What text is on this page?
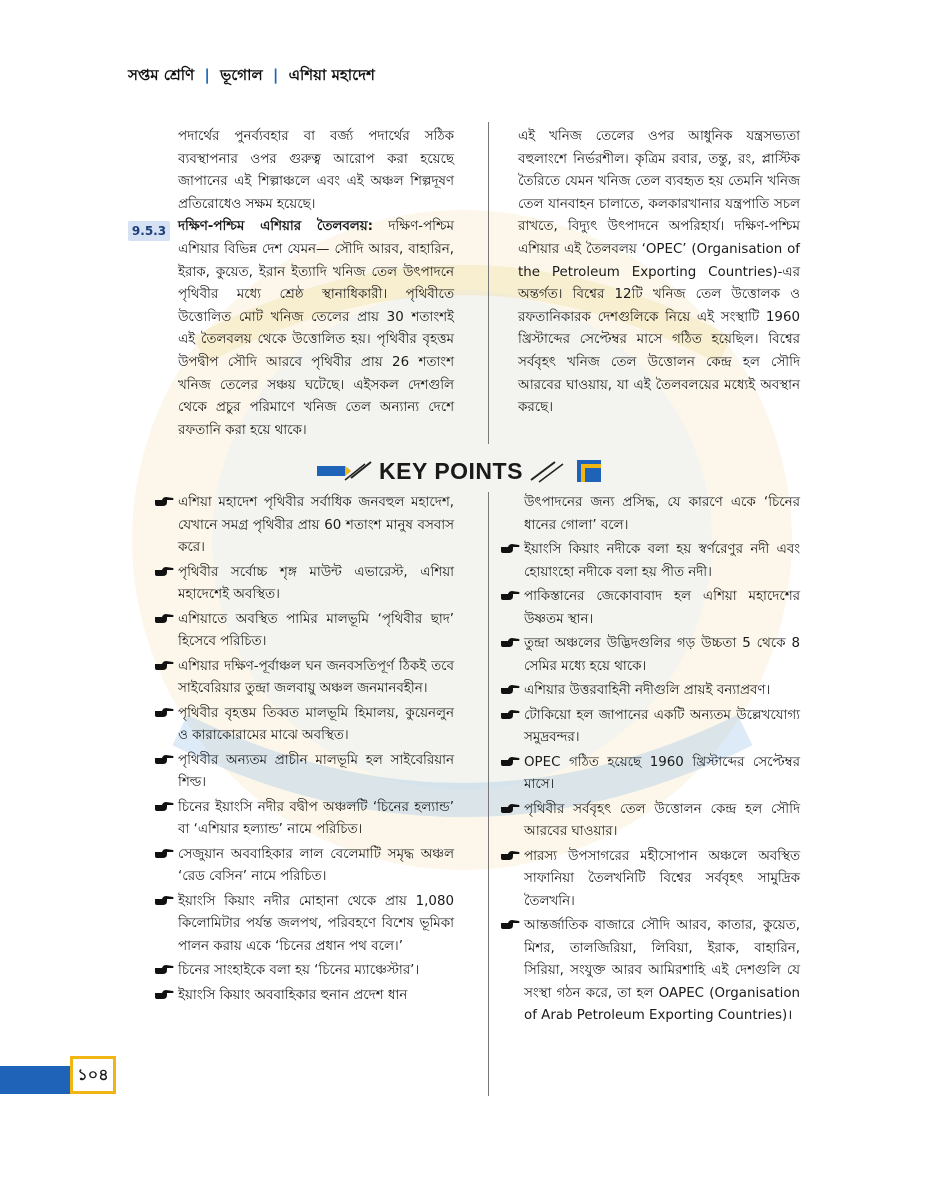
সপ্তম শ্রেণি | ভূগোল | এশিয়া মহাদেশ

পদার্থের পুনর্ব্যবহার বা বর্জ্য পদার্থের সঠিক ব্যবস্থাপনার ওপর গুরুত্ব আরোপ করা হয়েছে জাপানের এই শিল্পাঞ্চলে এবং এই অঞ্চল শিল্পদূষণ প্রতিরোধেও সক্ষম হয়েছে।

দক্ষিণ-পশ্চিম এশিয়ার তৈলবলয়: দক্ষিণ-পশ্চিম এশিয়ার বিভিন্ন দেশ যেমন— সৌদি আরব, বাহারিন, ইরাক, কুয়েত, ইরান ইত্যাদি খনিজ তেল উৎপাদনে পৃথিবীর মধ্যে শ্রেষ্ঠ স্থানাধিকারী। পৃথিবীতে উত্তোলিত মোট খনিজ তেলের প্রায় 30 শতাংশই এই তৈলবলয় থেকে উত্তোলিত হয়। পৃথিবীর বৃহত্তম উপদ্বীপ সৌদি আরবে পৃথিবীর প্রায় 26 শতাংশ খনিজ তেলের সঞ্চয় ঘটেছে। এইসকল দেশগুলি থেকে প্রচুর পরিমাণে খনিজ তেল অন্যান্য দেশে রফতানি করা হয়ে থাকে।

9.5.3

এই খনিজ তেলের ওপর আধুনিক যন্ত্রসভ্যতা বহুলাংশে নির্ভরশীল। কৃত্রিম রবার, তন্তু, রং, প্লাস্টিক তৈরিতে যেমন খনিজ তেল ব্যবহৃত হয় তেমনি খনিজ তেল যানবাহন চালাতে, কলকারখানার যন্ত্রপাতি সচল রাখতে, বিদ্যুৎ উৎপাদনে অপরিহার্য। দক্ষিণ-পশ্চিম এশিয়ার এই তৈলবলয় ‘OPEC’ (Organisation of the Petroleum Exporting Countries)-এর অন্তর্গত। বিশ্বের 12টি খনিজ তেল উত্তোলক ও রফতানিকারক দেশগুলিকে নিয়ে এই সংস্থাটি 1960 খ্রিস্টাব্দের সেপ্টেম্বর মাসে গঠিত হয়েছিল। বিশ্বের সর্ববৃহৎ খনিজ তেল উত্তোলন কেন্দ্র হল সৌদি আরবের ঘাওয়ায়, যা এই তৈলবলয়ের মধ্যেই অবস্থান করছে।

KEY POINTS
এশিয়া মহাদেশ পৃথিবীর সর্বাধিক জনবহুল মহাদেশ, যেখানে সমগ্র পৃথিবীর প্রায় 60 শতাংশ মানুষ বসবাস করে।
পৃথিবীর সর্বোচ্চ শৃঙ্গ মাউন্ট এভারেস্ট, এশিয়া মহাদেশেই অবস্থিত।
এশিয়াতে অবস্থিত পামির মালভূমি ‘পৃথিবীর ছাদ’ হিসেবে পরিচিত।
এশিয়ার দক্ষিণ-পূর্বাঞ্চল ঘন জনবসতিপূর্ণ ঠিকই তবে সাইবেরিয়ার তুন্দ্রা জলবায়ু অঞ্চল জনমানবহীন।
পৃথিবীর বৃহত্তম তিব্বত মালভূমি হিমালয়, কুয়েনলুন ও কারাকোরামের মাঝে অবস্থিত।
পৃথিবীর অন্যতম প্রাচীন মালভূমি হল সাইবেরিয়ান শিল্ড।
চিনের ইয়াংসি নদীর বদ্বীপ অঞ্চলটি ‘চিনের হল্যান্ড’ বা ‘এশিয়ার হল্যান্ড’ নামে পরিচিত।
সেজুয়ান অববাহিকার লাল বেলেমাটি সমৃদ্ধ অঞ্চল ‘রেড বেসিন’ নামে পরিচিত।
ইয়াংসি কিয়াং নদীর মোহানা থেকে প্রায় 1,080 কিলোমিটার পর্যন্ত জলপথ, পরিবহণে বিশেষ ভূমিকা পালন করায় একে ‘চিনের প্রধান পথ বলে।’
চিনের সাংহাইকে বলা হয় ‘চিনের ম্যাঞ্চেস্টার’।
ইয়াংসি কিয়াং অববাহিকার হুনান প্রদেশ ধান

উৎপাদনের জন্য প্রসিদ্ধ, যে কারণে একে ‘চিনের ধানের গোলা’ বলে।

ইয়াংসি কিয়াং নদীকে বলা হয় স্বর্ণরেণুর নদী এবং হোয়াংহো নদীকে বলা হয় পীত নদী।
পাকিস্তানের জেকোবাবাদ হল এশিয়া মহাদেশের উষ্ণতম স্থান।
তুন্দ্রা অঞ্চলের উদ্ভিদগুলির গড় উচ্চতা 5 থেকে 8 সেমির মধ্যে হয়ে থাকে।
এশিয়ার উত্তরবাহিনী নদীগুলি প্রায়ই বন্যাপ্রবণ।
টোকিয়ো হল জাপানের একটি অন্যতম উল্লেখযোগ্য সমুদ্রবন্দর।
OPEC গঠিত হয়েছে 1960 খ্রিস্টাব্দের সেপ্টেম্বর মাসে।
পৃথিবীর সর্ববৃহৎ তেল উত্তোলন কেন্দ্র হল সৌদি আরবের ঘাওয়ার।
পারস্য উপসাগরের মহীসোপান অঞ্চলে অবস্থিত সাফানিয়া তৈলখনিটি বিশ্বের সর্ববৃহৎ সামুদ্রিক তৈলখনি।
আন্তর্জাতিক বাজারে সৌদি আরব, কাতার, কুয়েত, মিশর, তালজিরিয়া, লিবিয়া, ইরাক, বাহারিন, সিরিয়া, সংযুক্ত আরব আমিরশাহি এই দেশগুলি যে সংস্থা গঠন করে, তা হল OAPEC (Organisation of Arab Petroleum Exporting Countries)।
১০৪
